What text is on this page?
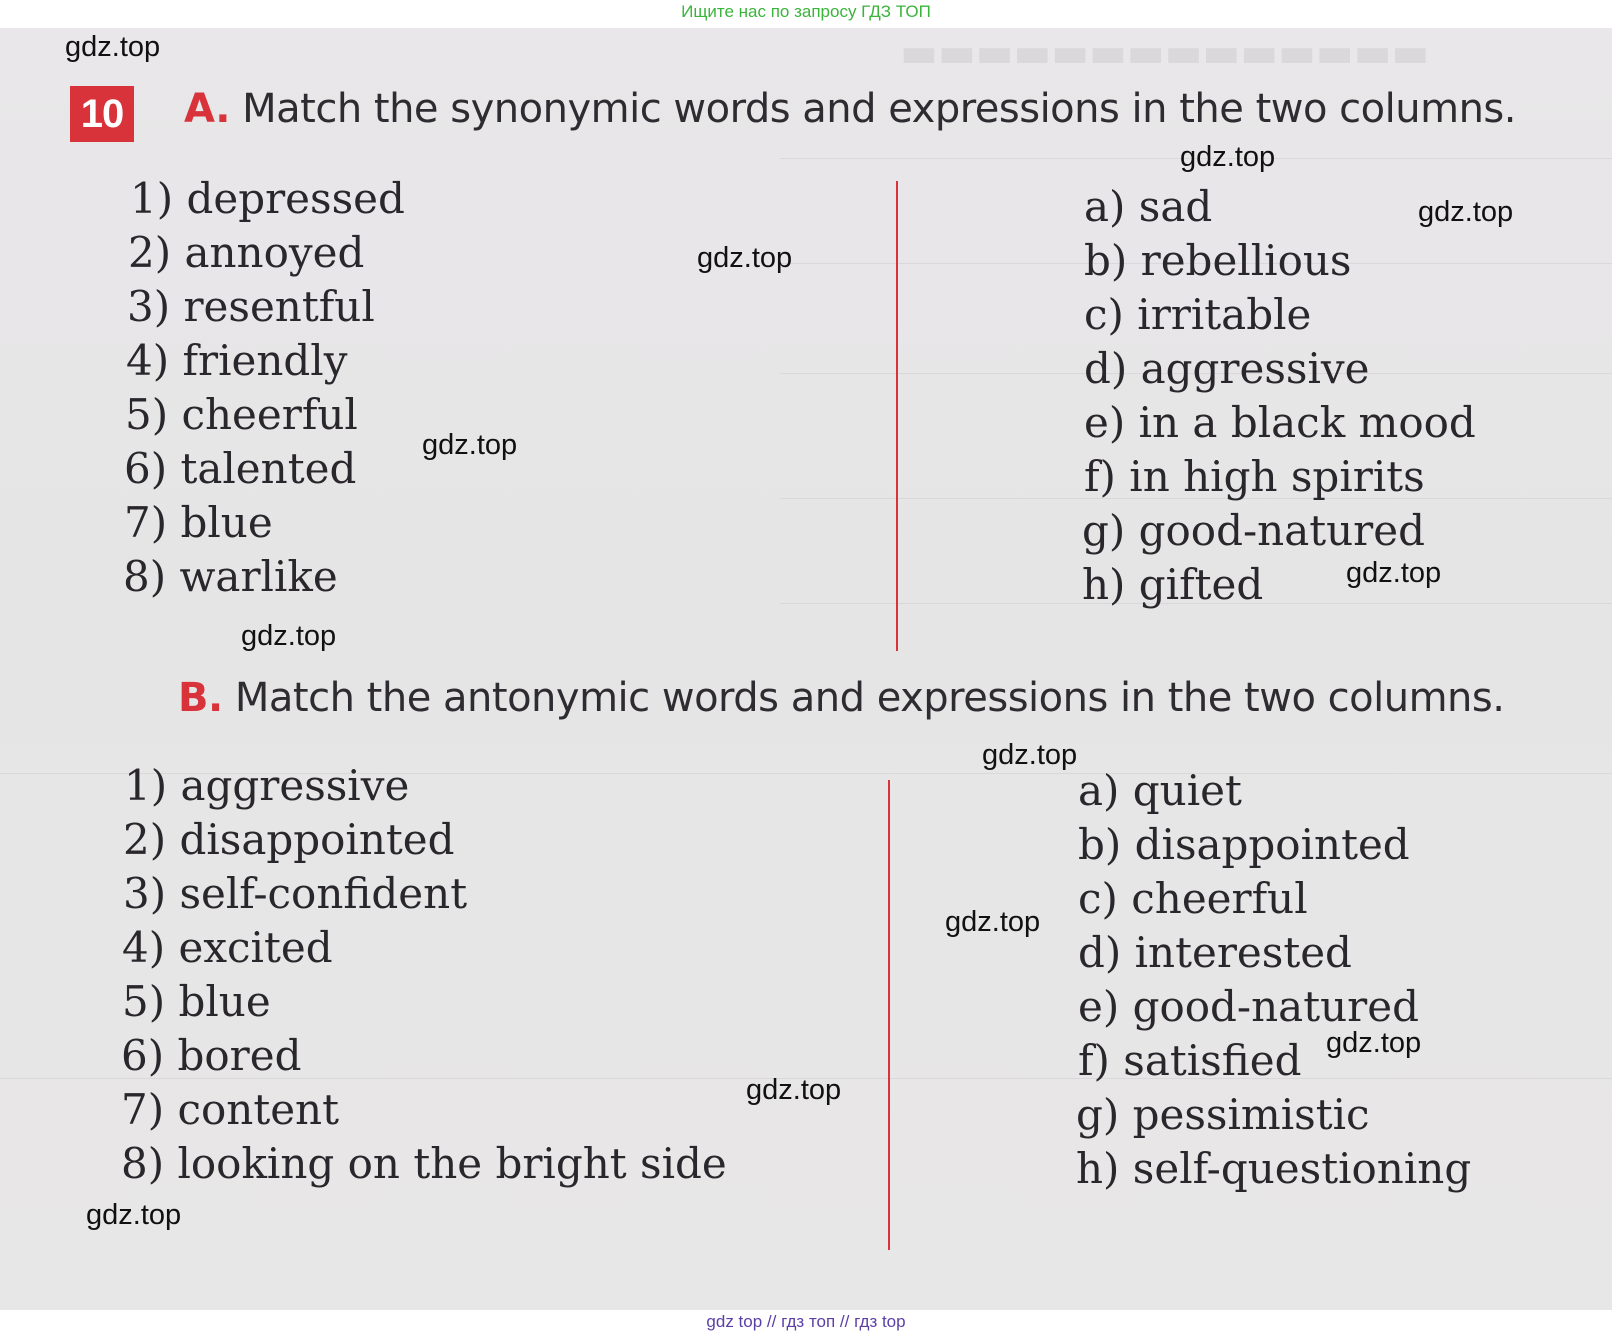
Ищите нас по запросу ГДЗ ТОП
▬▬▬▬▬▬▬▬▬▬▬▬▬▬
10 A. Match the synonymic words and expressions in the two columns.
1) depressed
2) annoyed
3) resentful
4) friendly
5) cheerful
6) talented
7) blue
8) warlike
a) sad
b) rebellious
c) irritable
d) aggressive
e) in a black mood
f) in high spirits
g) good-natured
h) gifted
B. Match the antonymic words and expressions in the two columns.
1) aggressive
2) disappointed
3) self-confident
4) excited
5) blue
6) bored
7) content
8) looking on the bright side
a) quiet
b) disappointed
c) cheerful
d) interested
e) good-natured
f) satisfied
g) pessimistic
h) self-questioning
gdz.top
gdz.top
gdz.top
gdz.top
gdz.top
gdz.top
gdz.top
gdz.top
gdz.top
gdz.top
gdz.top
gdz.top
gdz top // гдз топ // гдз top
